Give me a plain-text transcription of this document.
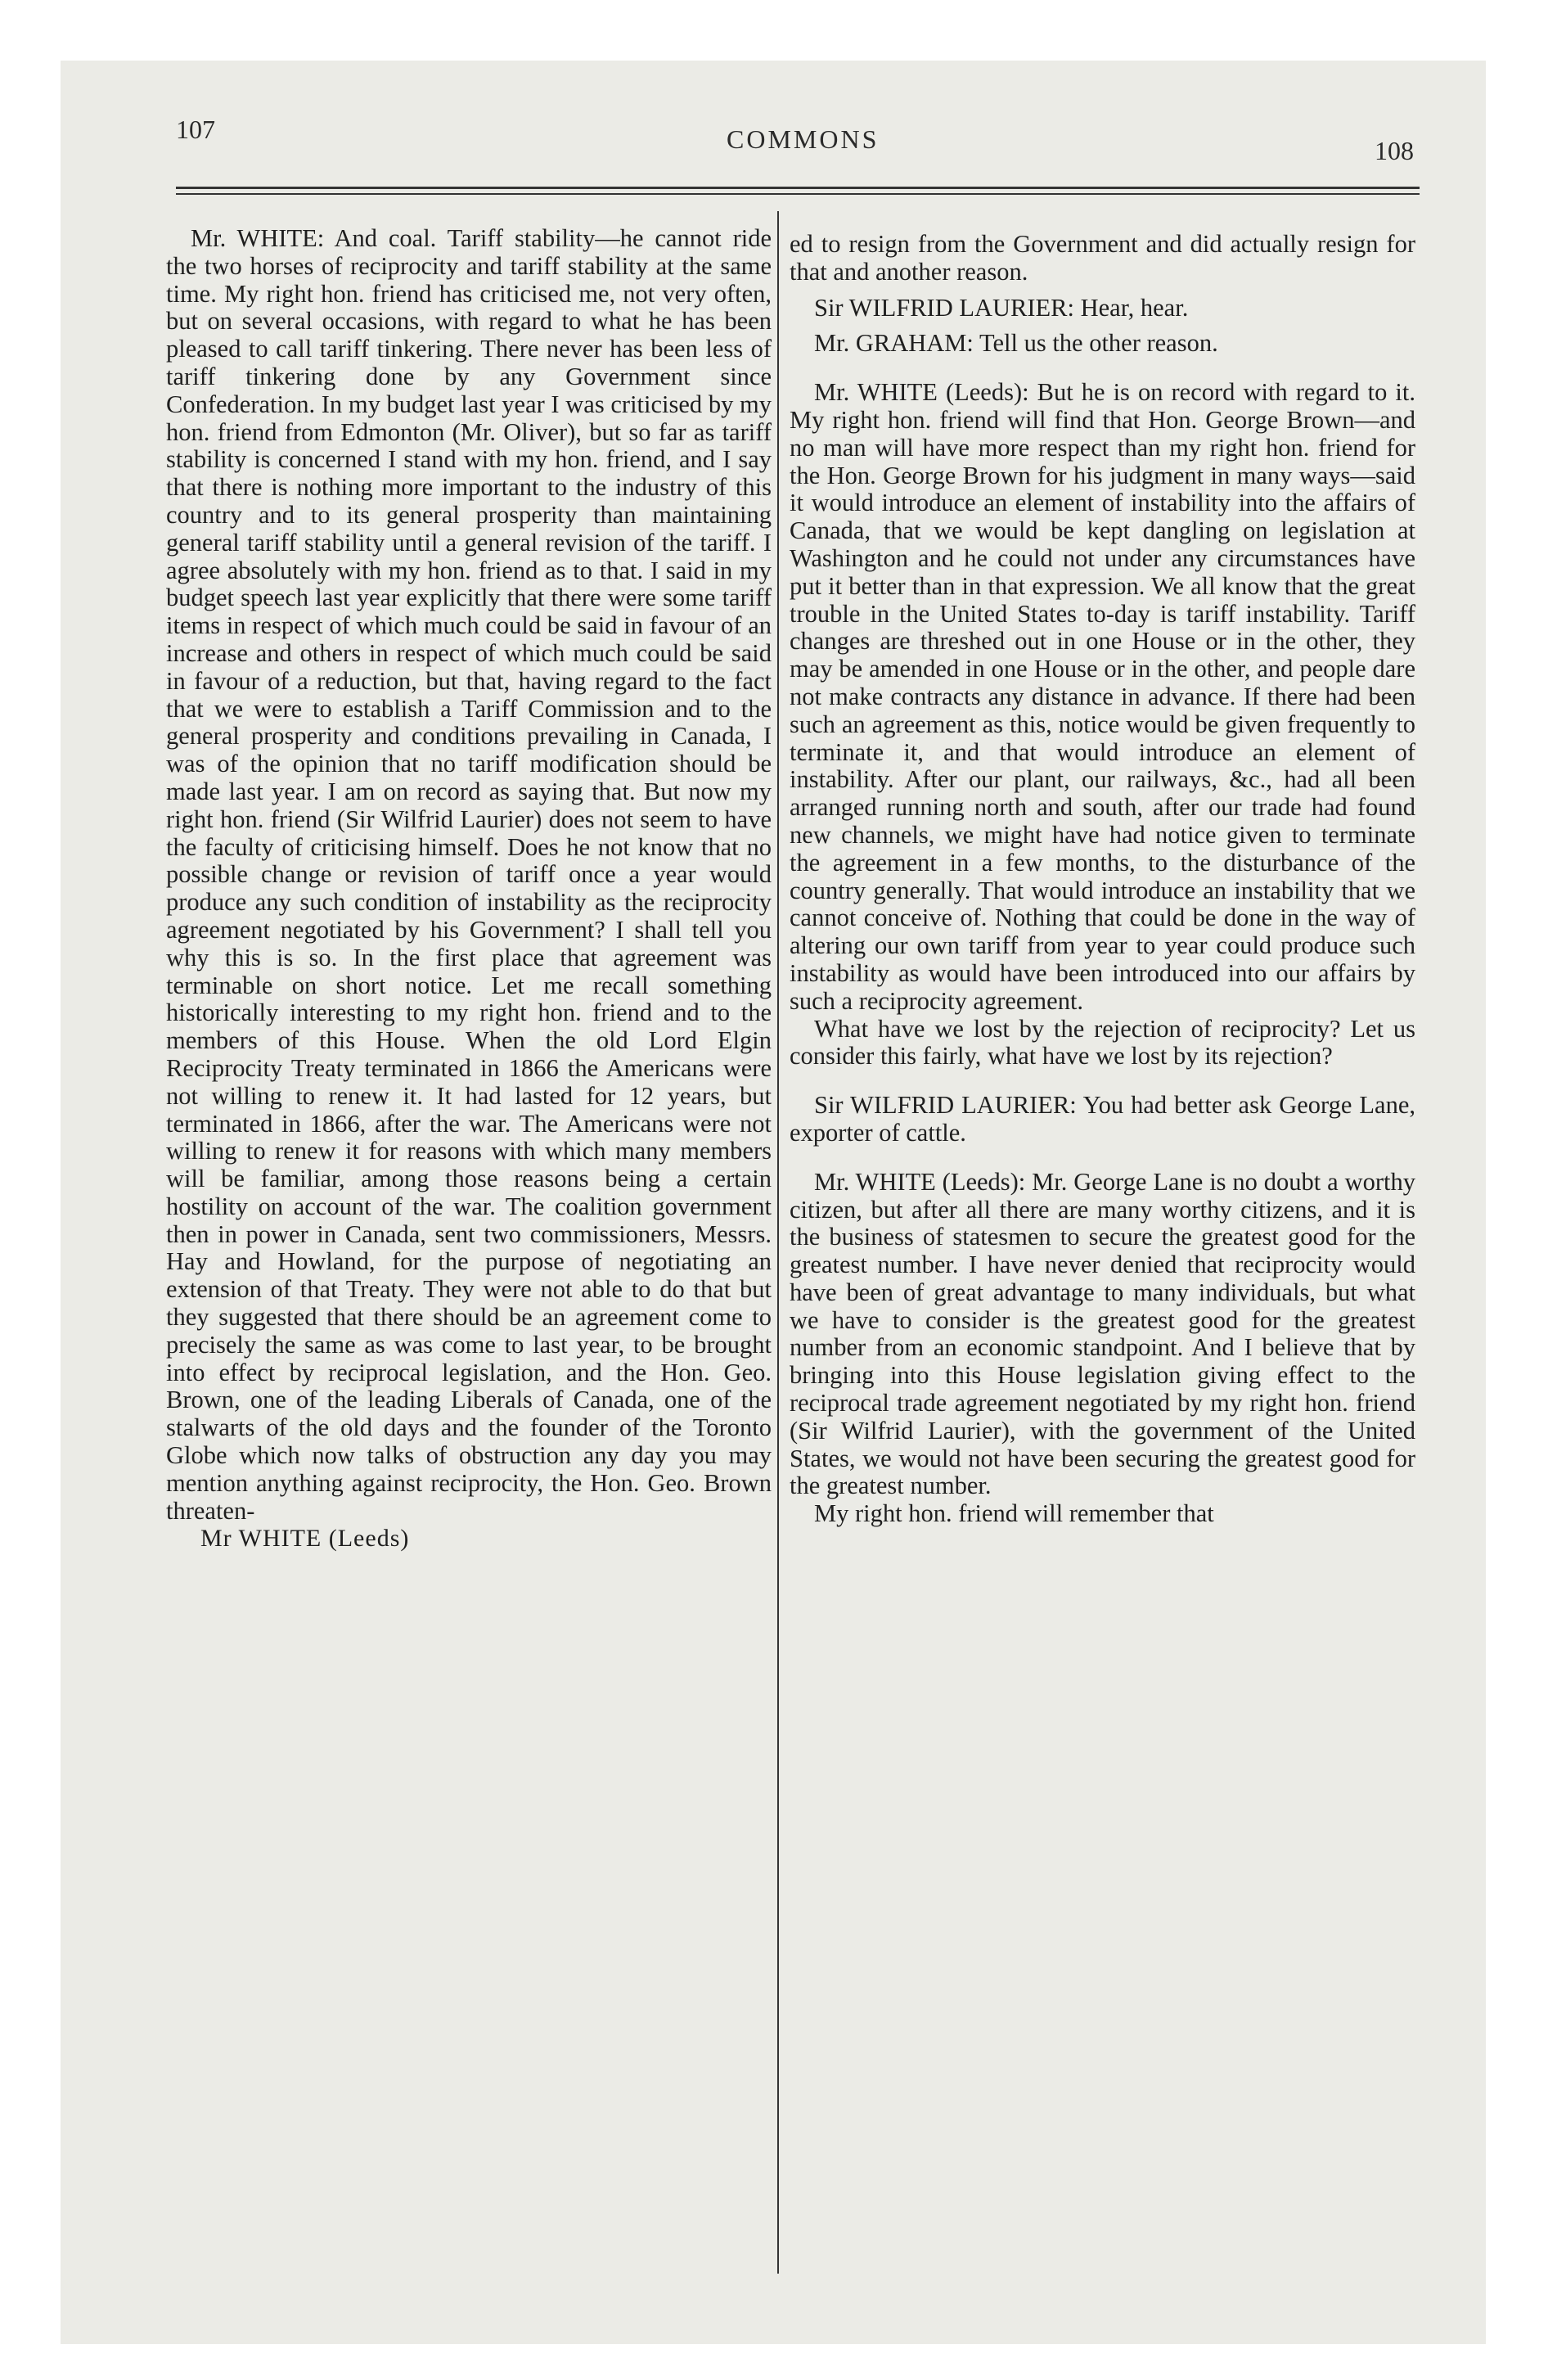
107	COMMONS	108

Mr. WHITE: And coal. Tariff stability—he cannot ride the two horses of reciprocity and tariff stability at the same time. My right hon. friend has criticised me, not very often, but on several occasions, with regard to what he has been pleased to call tariff tinkering. There never has been less of tariff tinkering done by any Government since Confederation. In my budget last year I was criticised by my hon. friend from Edmonton (Mr. Oliver), but so far as tariff stability is concerned I stand with my hon. friend, and I say that there is nothing more important to the industry of this country and to its general prosperity than maintaining general tariff stability until a general revision of the tariff. I agree absolutely with my hon. friend as to that. I said in my budget speech last year explicitly that there were some tariff items in respect of which much could be said in favour of an increase and others in respect of which much could be said in favour of a reduction, but that, having regard to the fact that we were to establish a Tariff Commission and to the general prosperity and conditions prevailing in Canada, I was of the opinion that no tariff modification should be made last year. I am on record as saying that. But now my right hon. friend (Sir Wilfrid Laurier) does not seem to have the faculty of criticising himself. Does he not know that no possible change or revision of tariff once a year would produce any such condition of instability as the reciprocity agreement negotiated by his Government? I shall tell you why this is so. In the first place that agreement was terminable on short notice. Let me recall something historically interesting to my right hon. friend and to the members of this House. When the old Lord Elgin Reciprocity Treaty terminated in 1866 the Americans were not willing to renew it. It had lasted for 12 years, but terminated in 1866, after the war. The Americans were not willing to renew it for reasons with which many members will be familiar, among those reasons being a certain hostility on account of the war. The coalition government then in power in Canada, sent two commissioners, Messrs. Hay and Howland, for the purpose of negotiating an extension of that Treaty. They were not able to do that but they suggested that there should be an agreement come to precisely the same as was come to last year, to be brought into effect by reciprocal legislation, and the Hon. Geo. Brown, one of the leading Liberals of Canada, one of the stalwarts of the old days and the founder of the Toronto Globe which now talks of obstruction any day you may mention anything against reciprocity, the Hon. Geo. Brown threaten-

Mr WHITE (Leeds)

ed to resign from the Government and did actually resign for that and another reason.

Sir WILFRID LAURIER: Hear, hear.

Mr. GRAHAM: Tell us the other reason.

Mr. WHITE (Leeds): But he is on record with regard to it. My right hon. friend will find that Hon. George Brown—and no man will have more respect than my right hon. friend for the Hon. George Brown for his judgment in many ways—said it would introduce an element of instability into the affairs of Canada, that we would be kept dangling on legislation at Washington and he could not under any circumstances have put it better than in that expression. We all know that the great trouble in the United States to-day is tariff instability. Tariff changes are threshed out in one House or in the other, they may be amended in one House or in the other, and people dare not make contracts any distance in advance. If there had been such an agreement as this, notice would be given frequently to terminate it, and that would introduce an element of instability. After our plant, our railways, &c., had all been arranged running north and south, after our trade had found new channels, we might have had notice given to terminate the agreement in a few months, to the disturbance of the country generally. That would introduce an instability that we cannot conceive of. Nothing that could be done in the way of altering our own tariff from year to year could produce such instability as would have been introduced into our affairs by such a reciprocity agreement.

What have we lost by the rejection of reciprocity? Let us consider this fairly, what have we lost by its rejection?

Sir WILFRID LAURIER: You had better ask George Lane, exporter of cattle.

Mr. WHITE (Leeds): Mr. George Lane is no doubt a worthy citizen, but after all there are many worthy citizens, and it is the business of statesmen to secure the greatest good for the greatest number. I have never denied that reciprocity would have been of great advantage to many individuals, but what we have to consider is the greatest good for the greatest number from an economic standpoint. And I believe that by bringing into this House legislation giving effect to the reciprocal trade agreement negotiated by my right hon. friend (Sir Wilfrid Laurier), with the government of the United States, we would not have been securing the greatest good for the greatest number.

My right hon. friend will remember that
